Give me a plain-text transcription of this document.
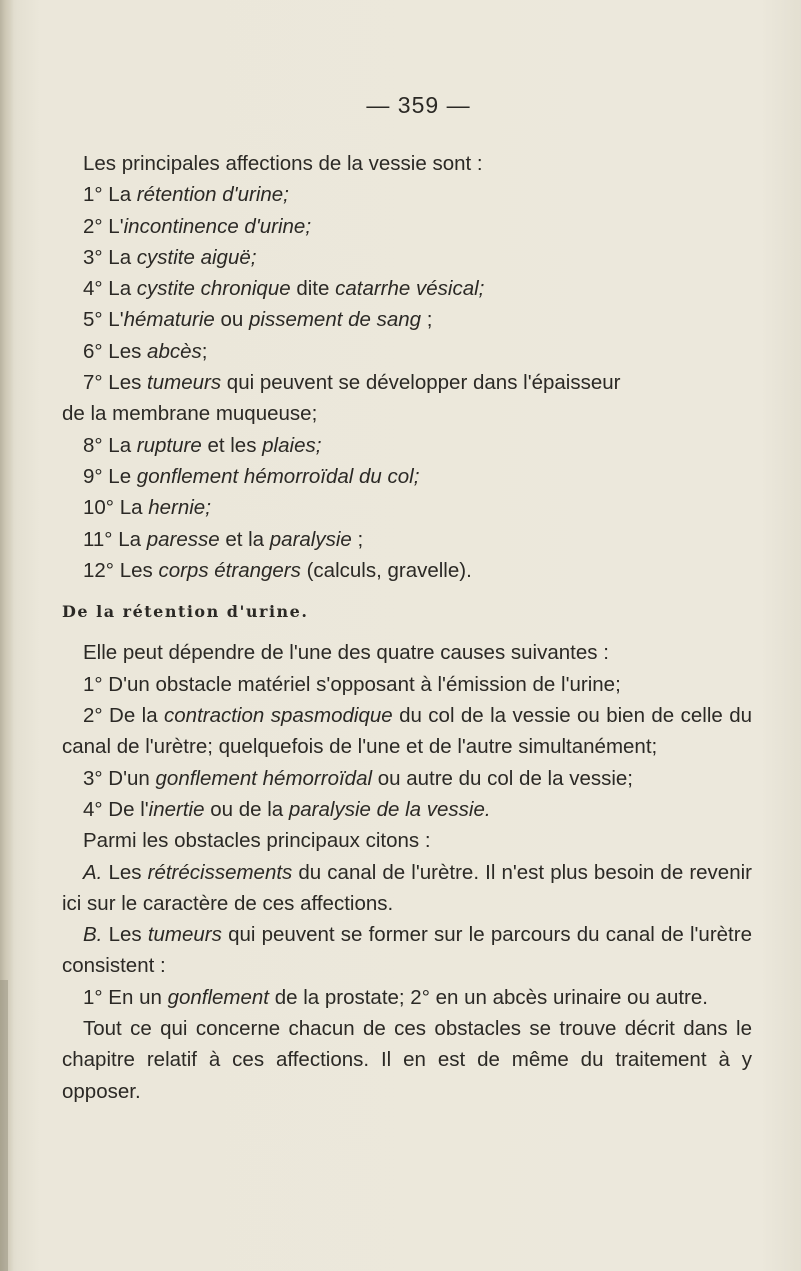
— 359 —

Les principales affections de la vessie sont :

1° La rétention d'urine;

2° L'incontinence d'urine;

3° La cystite aiguë;

4° La cystite chronique dite catarrhe vésical;

5° L'hématurie ou pissement de sang ;

6° Les abcès;

7° Les tumeurs qui peuvent se développer dans l'épaisseur

de la membrane muqueuse;

8° La rupture et les plaies;

9° Le gonflement hémorroïdal du col;

10° La hernie;

11° La paresse et la paralysie ;

12° Les corps étrangers (calculs, gravelle).

De la rétention d'urine.

Elle peut dépendre de l'une des quatre causes suivantes :

1° D'un obstacle matériel s'opposant à l'émission de l'urine;

2° De la contraction spasmodique du col de la vessie ou bien de celle du canal de l'urètre; quelquefois de l'une et de l'autre simultanément;

3° D'un gonflement hémorroïdal ou autre du col de la vessie;

4° De l'inertie ou de la paralysie de la vessie.

Parmi les obstacles principaux citons :

A. Les rétrécissements du canal de l'urètre. Il n'est plus besoin de revenir ici sur le caractère de ces affections.

B. Les tumeurs qui peuvent se former sur le parcours du canal de l'urètre consistent :

1° En un gonflement de la prostate; 2° en un abcès urinaire ou autre.

Tout ce qui concerne chacun de ces obstacles se trouve décrit dans le chapitre relatif à ces affections. Il en est de même du traitement à y opposer.
